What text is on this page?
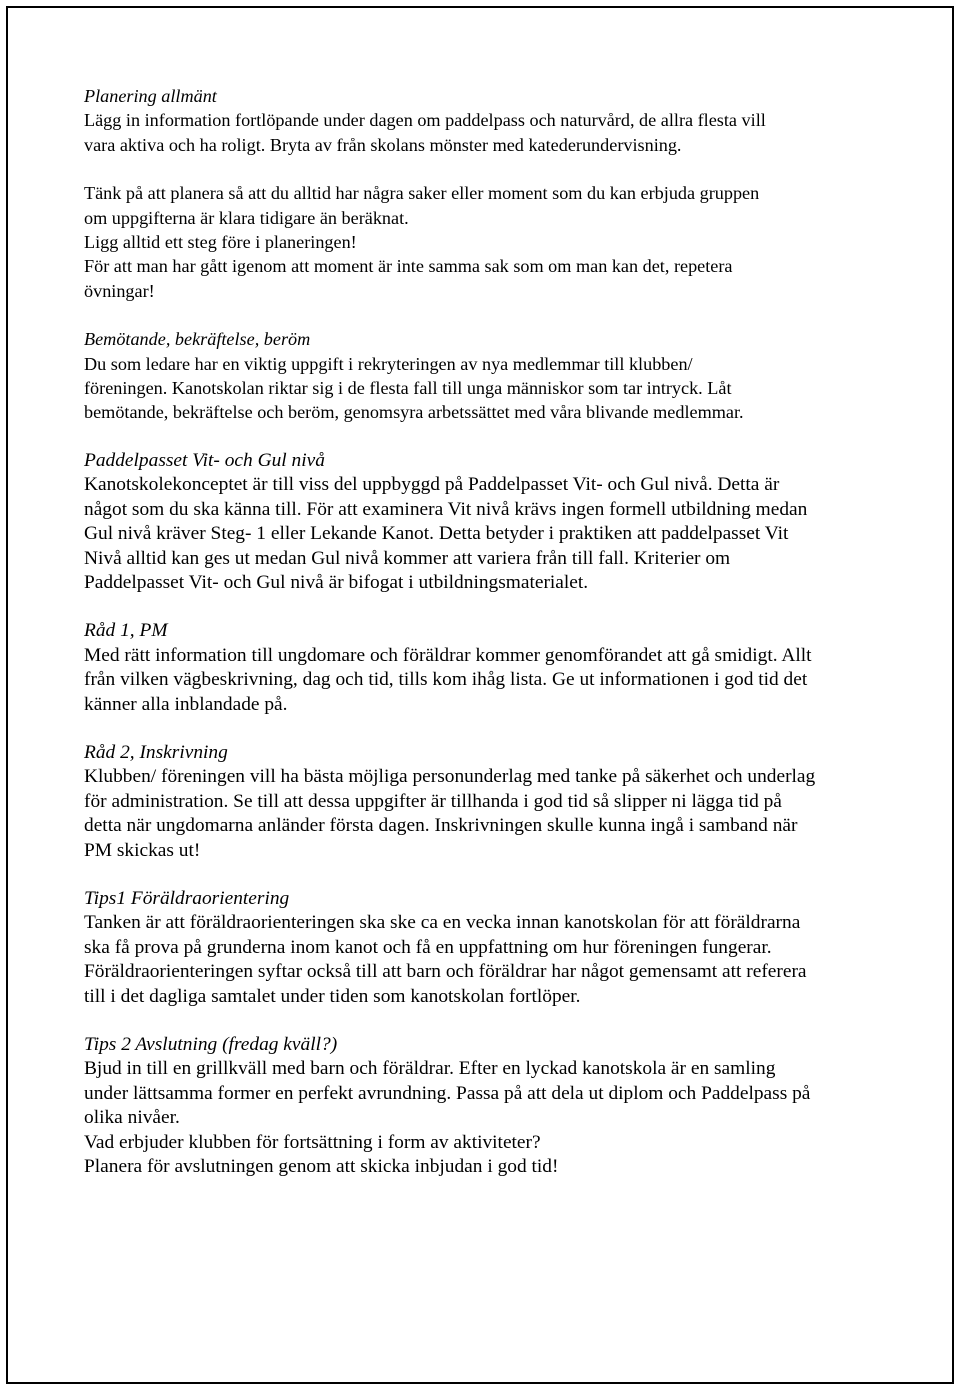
Planering allmänt

Lägg in information fortlöpande under dagen om paddelpass och naturvård, de allra flesta vill

vara aktiva och ha roligt. Bryta av från skolans mönster med katederundervisning.

Tänk på att planera så att du alltid har några saker eller moment som du kan erbjuda gruppen

om uppgifterna är klara tidigare än beräknat.

Ligg alltid ett steg före i planeringen!

För att man har gått igenom att moment är inte samma sak som om man kan det, repetera

övningar!

Bemötande, bekräftelse, beröm

Du som ledare har en viktig uppgift i rekryteringen av nya medlemmar till klubben/

föreningen. Kanotskolan riktar sig i de flesta fall till unga människor som tar intryck. Låt

bemötande, bekräftelse och beröm, genomsyra arbetssättet med våra blivande medlemmar.

Paddelpasset Vit- och Gul nivå

Kanotskolekonceptet är till viss del uppbyggd på Paddelpasset Vit- och Gul nivå. Detta är

något som du ska känna till. För att examinera Vit nivå krävs ingen formell utbildning medan

Gul nivå kräver Steg- 1 eller Lekande Kanot. Detta betyder i praktiken att paddelpasset Vit

Nivå alltid kan ges ut medan Gul nivå kommer att variera från till fall. Kriterier om

Paddelpasset Vit- och Gul nivå är bifogat i utbildningsmaterialet.

Råd 1, PM

Med rätt information till ungdomare och föräldrar kommer genomförandet att gå smidigt. Allt

från vilken vägbeskrivning, dag och tid, tills kom ihåg lista. Ge ut informationen i god tid det

känner alla inblandade på.

Råd 2, Inskrivning

Klubben/ föreningen vill ha bästa möjliga personunderlag med tanke på säkerhet och underlag

för administration. Se till att dessa uppgifter är tillhanda i god tid så slipper ni lägga tid på

detta när ungdomarna anländer första dagen. Inskrivningen skulle kunna ingå i samband när

PM skickas ut!

Tips1 Föräldraorientering

Tanken är att föräldraorienteringen ska ske ca en vecka innan kanotskolan för att föräldrarna

ska få prova på grunderna inom kanot och få en uppfattning om hur föreningen fungerar.

Föräldraorienteringen syftar också till att barn och föräldrar har något gemensamt att referera

till i det dagliga samtalet under tiden som kanotskolan fortlöper.

Tips 2 Avslutning (fredag kväll?)

Bjud in till en grillkväll med barn och föräldrar. Efter en lyckad kanotskola är en samling

under lättsamma former en perfekt avrundning. Passa på att dela ut diplom och Paddelpass på

olika nivåer.

Vad erbjuder klubben för fortsättning i form av aktiviteter?

Planera för avslutningen genom att skicka inbjudan i god tid!
